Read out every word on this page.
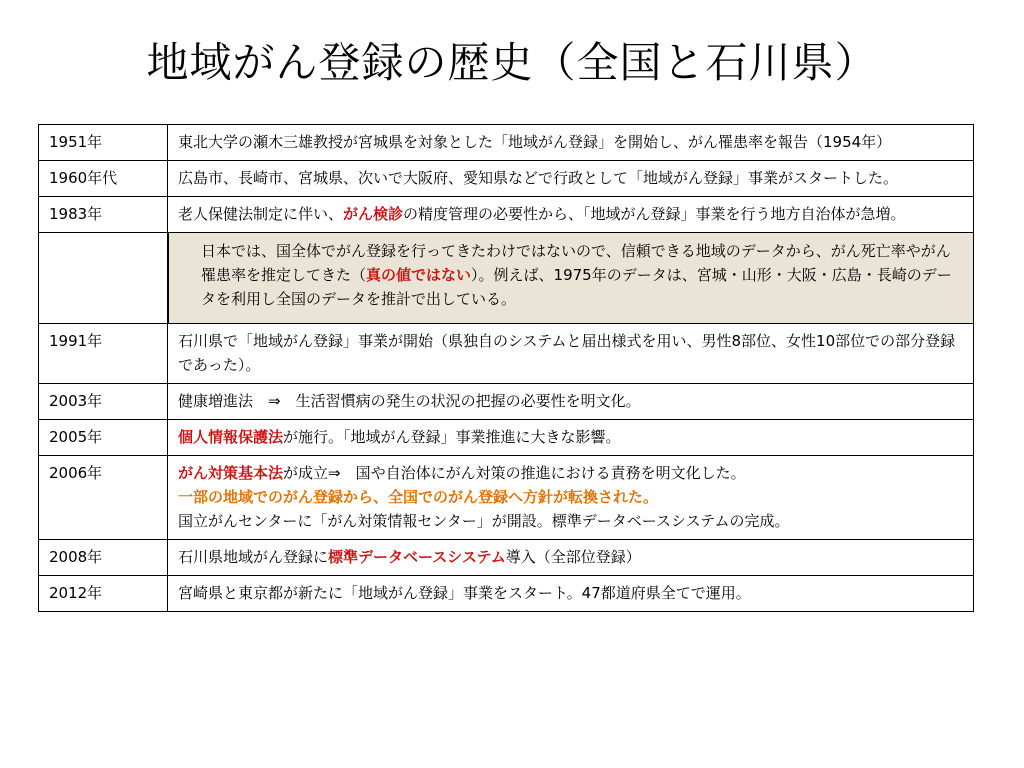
地域がん登録の歴史（全国と石川県）
1951年	東北大学の瀬木三雄教授が宮城県を対象とした「地域がん登録」を開始し、がん罹患率を報告（1954年）
1960年代	広島市、長崎市、宮城県、次いで大阪府、愛知県などで行政として「地域がん登録」事業がスタートした。
1983年	老人保健法制定に伴い、がん検診の精度管理の必要性から、「地域がん登録」事業を行う地方自治体が急増。

	日本では、国全体でがん登録を行ってきたわけではないので、信頼できる地域のデータから、がん死亡率やがん罹患率を推定してきた（真の値ではない）。例えば、1975年のデータは、宮城・山形・大阪・広島・長崎のデータを利用し全国のデータを推計で出している。

1991年	石川県で「地域がん登録」事業が開始（県独自のシステムと届出様式を用い、男性8部位、女性10部位での部分登録であった）。
2003年	健康増進法　⇒　生活習慣病の発生の状況の把握の必要性を明文化。
2005年	個人情報保護法が施行。「地域がん登録」事業推進に大きな影響。
2006年	がん対策基本法が成立⇒　国や自治体にがん対策の推進における責務を明文化した。
一部の地域でのがん登録から、全国でのがん登録へ方針が転換された。
国立がんセンターに「がん対策情報センター」が開設。標準データベースシステムの完成。
2008年	石川県地域がん登録に標準データベースシステム導入（全部位登録）
2012年	宮崎県と東京都が新たに「地域がん登録」事業をスタート。47都道府県全てで運用。
